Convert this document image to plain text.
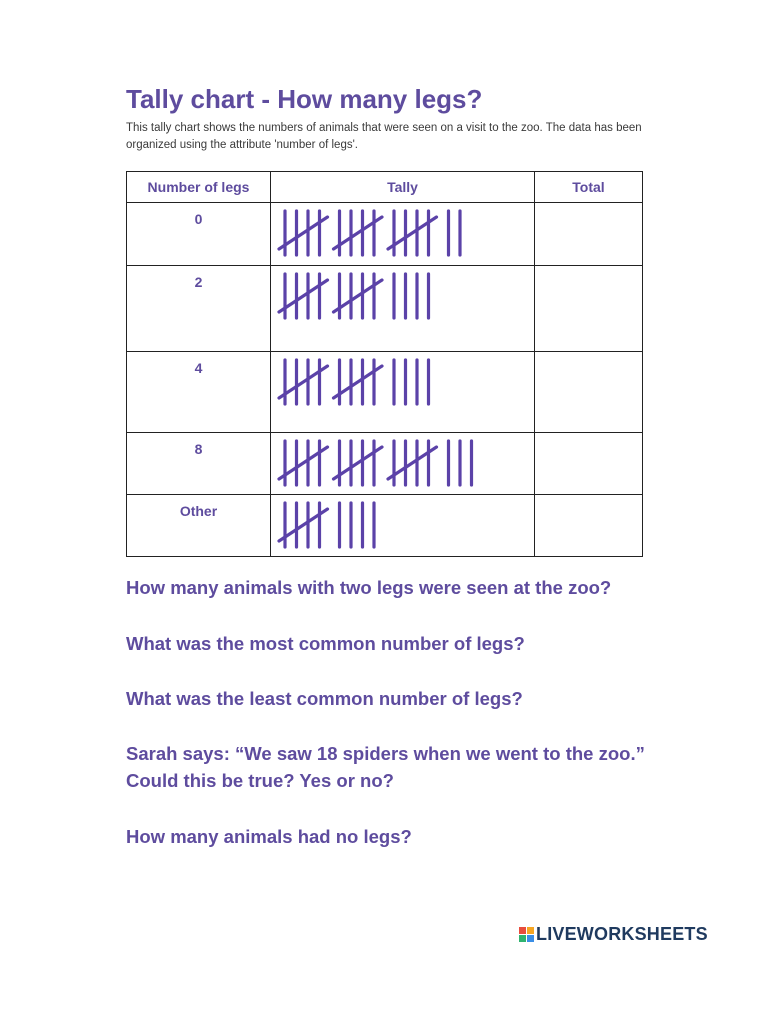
Tally chart - How many legs?

This tally chart shows the numbers of animals that were seen on a visit to the zoo. The data has been organized using the attribute 'number of legs'.

Number of legs	Tally	Total
0	

2	

4	

8	

Other	

How many animals with two legs were seen at the zoo?

What was the most common number of legs?

What was the least common number of legs?

Sarah says: “We saw 18 spiders when we went to the zoo.” Could this be true? Yes or no?

How many animals had no legs?

LIVEWORKSHEETS
